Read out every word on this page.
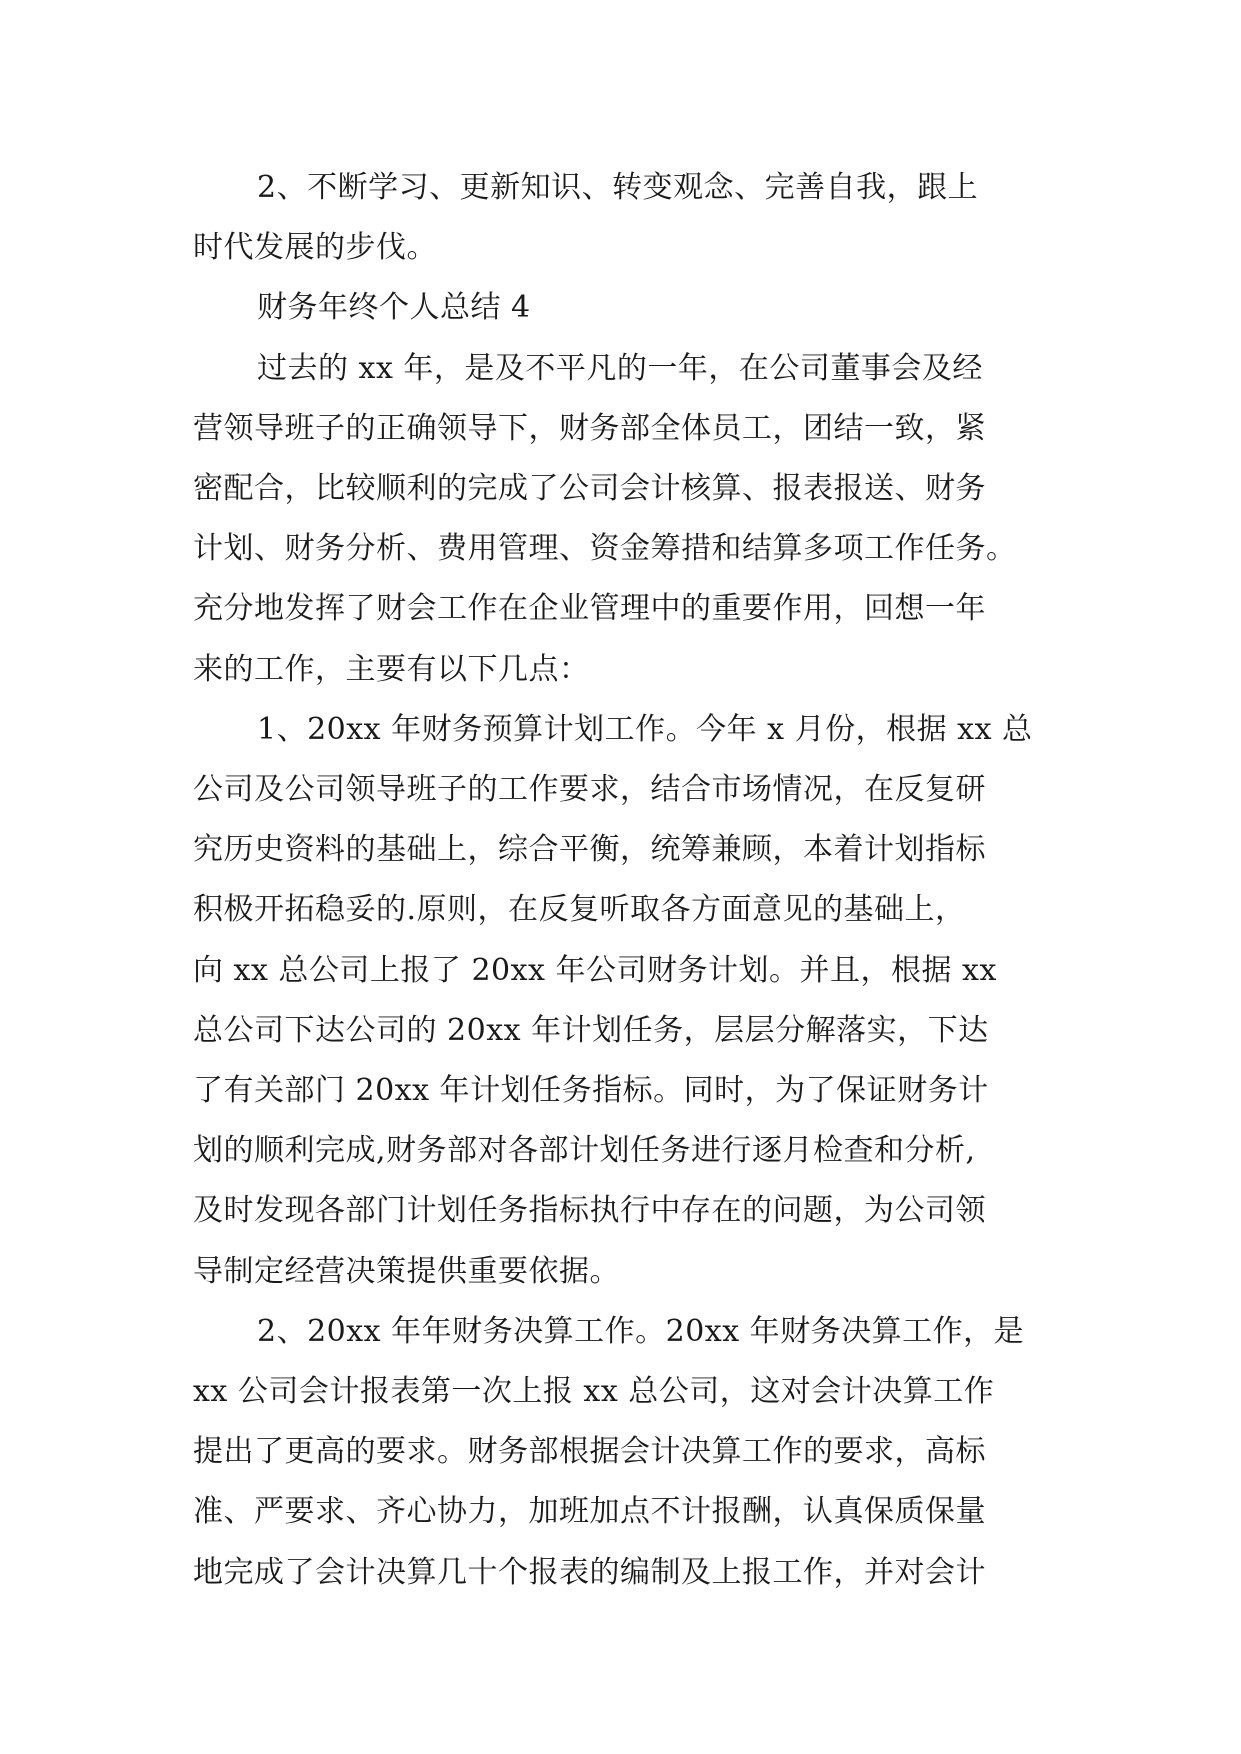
2、不断学习、更新知识、转变观念、完善自我，跟上
时代发展的步伐。
财务年终个人总结 4
过去的 xx 年，是及不平凡的一年，在公司董事会及经
营领导班子的正确领导下，财务部全体员工，团结一致，紧
密配合，比较顺利的完成了公司会计核算、报表报送、财务
计划、财务分析、费用管理、资金筹措和结算多项工作任务。
充分地发挥了财会工作在企业管理中的重要作用，回想一年
来的工作，主要有以下几点：
1、20xx 年财务预算计划工作。今年 x 月份，根据 xx 总
公司及公司领导班子的工作要求，结合市场情况，在反复研
究历史资料的基础上，综合平衡，统筹兼顾，本着计划指标
积极开拓稳妥的.原则，在反复听取各方面意见的基础上，
向 xx 总公司上报了 20xx 年公司财务计划。并且，根据 xx
总公司下达公司的 20xx 年计划任务，层层分解落实，下达
了有关部门 20xx 年计划任务指标。同时，为了保证财务计
划的顺利完成,财务部对各部计划任务进行逐月检查和分析,
及时发现各部门计划任务指标执行中存在的问题，为公司领
导制定经营决策提供重要依据。
2、20xx 年年财务决算工作。20xx 年财务决算工作，是
xx 公司会计报表第一次上报 xx 总公司，这对会计决算工作
提出了更高的要求。财务部根据会计决算工作的要求，高标
准、严要求、齐心协力，加班加点不计报酬，认真保质保量
地完成了会计决算几十个报表的编制及上报工作，并对会计
